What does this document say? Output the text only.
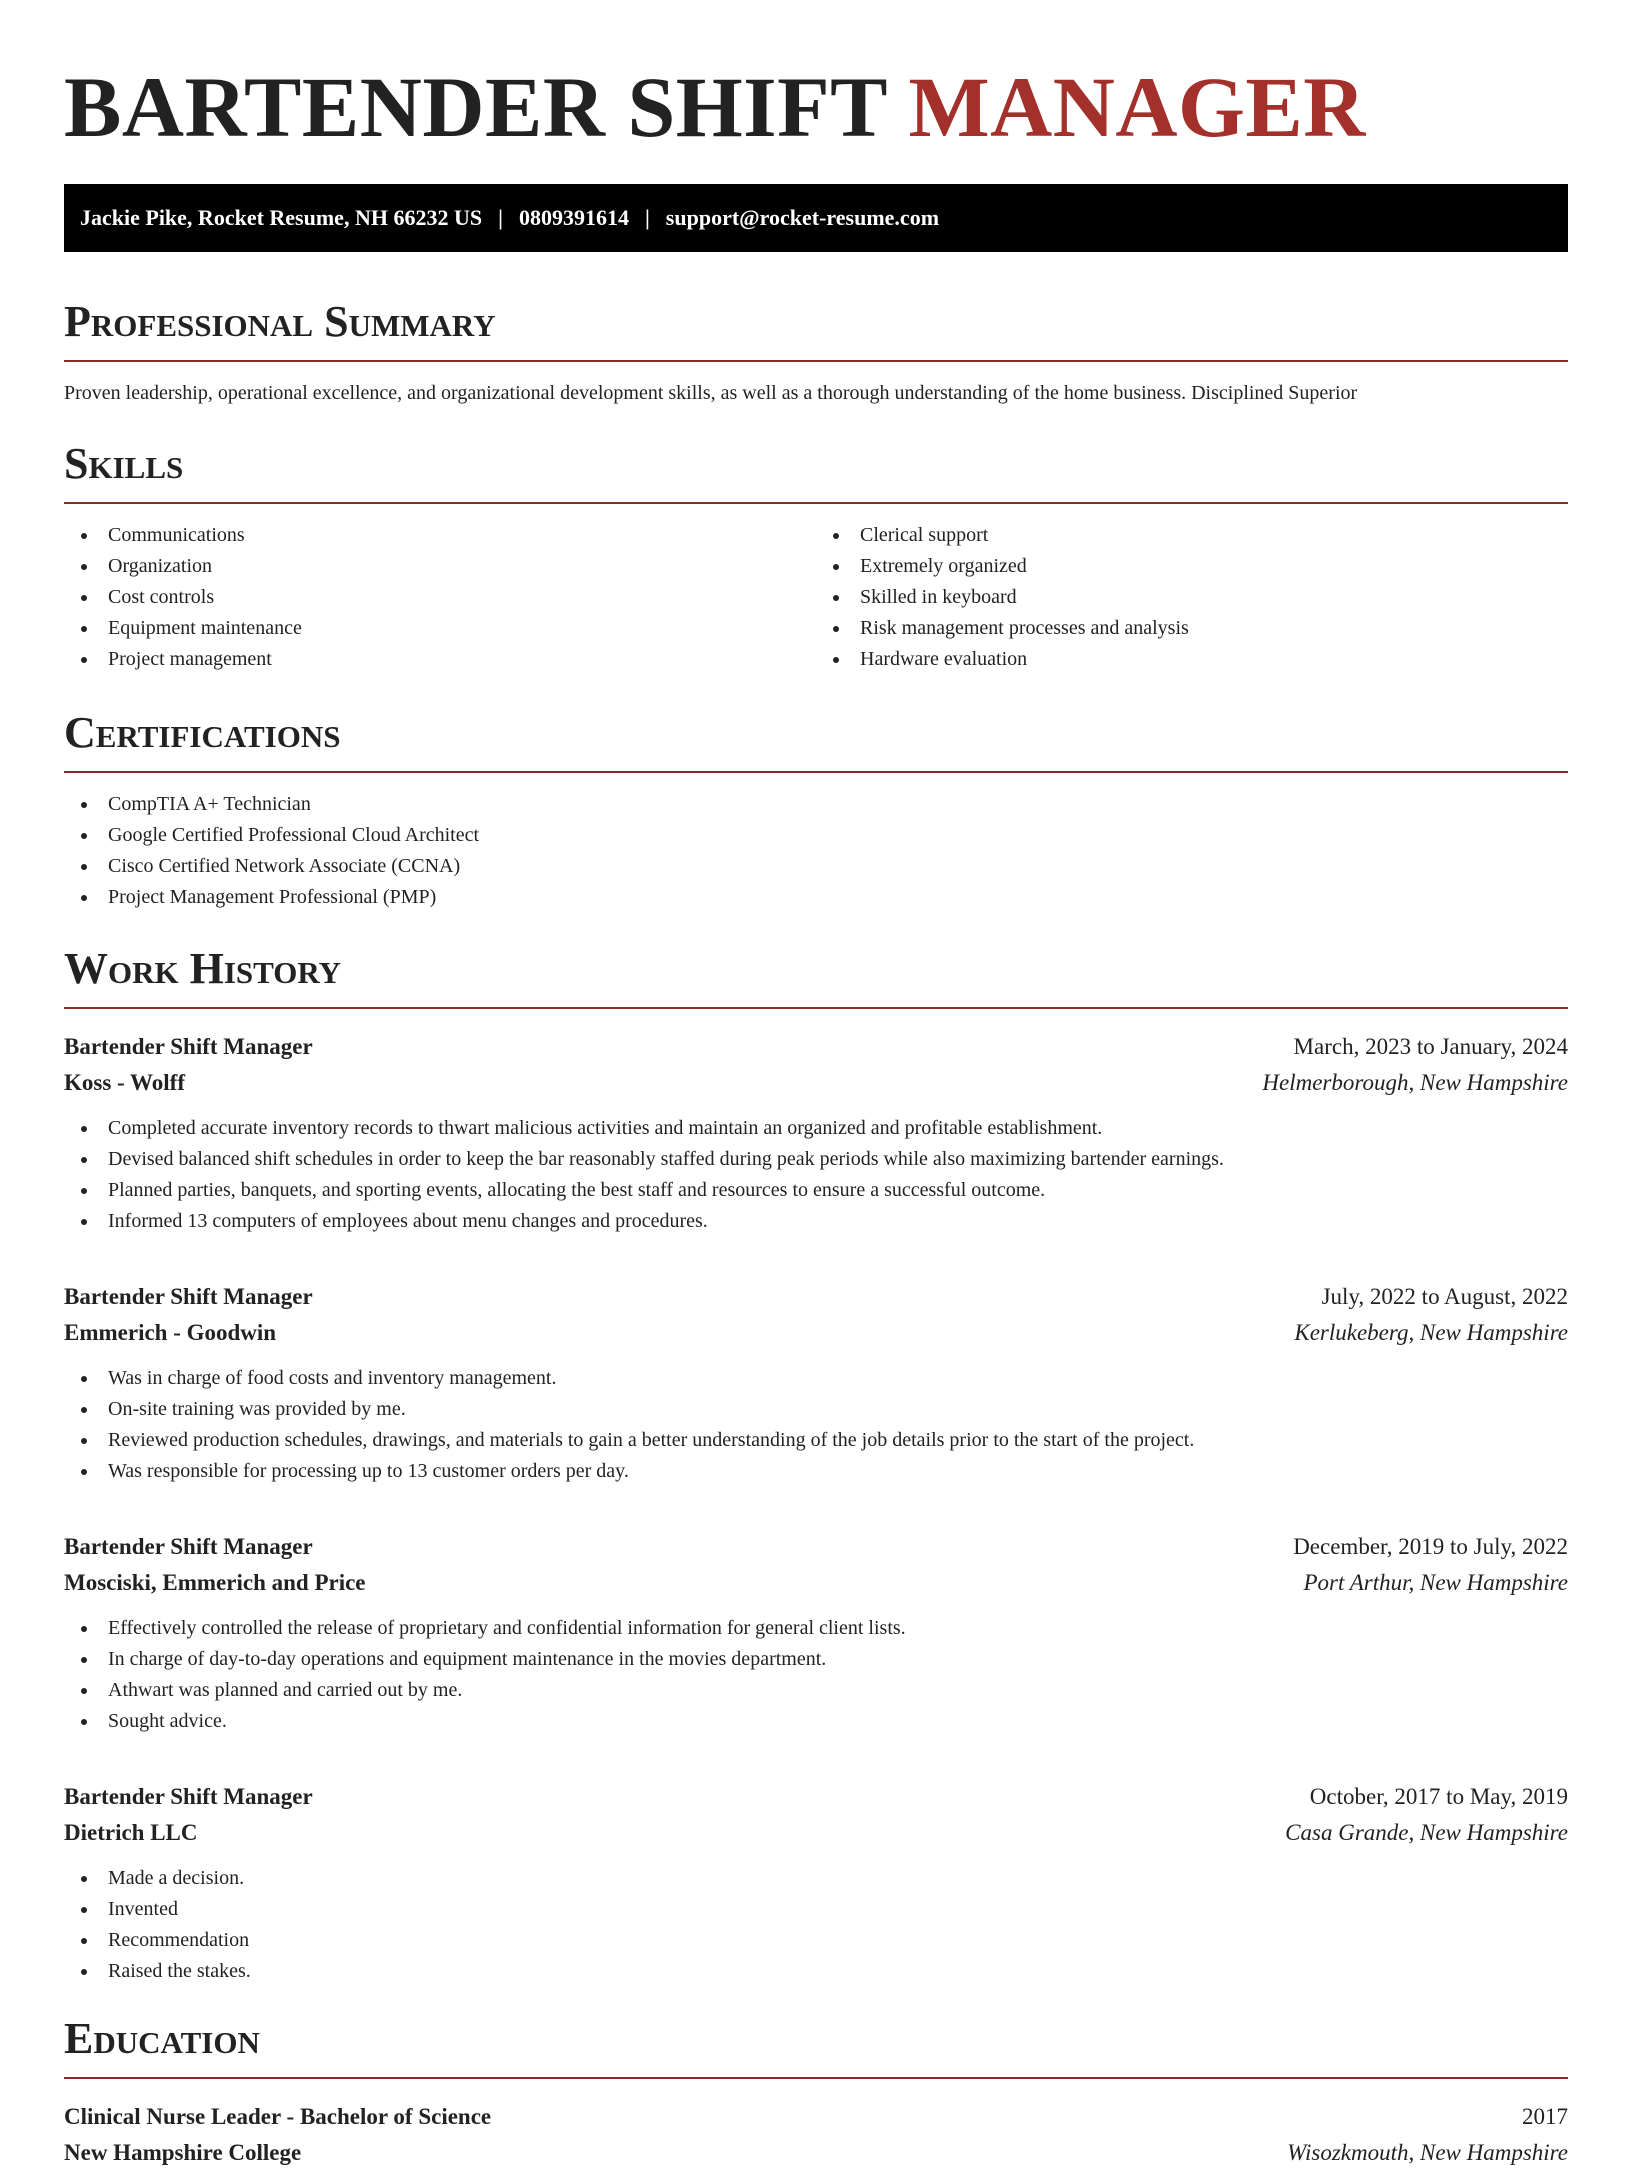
BARTENDER SHIFT MANAGER
Jackie Pike, Rocket Resume, NH 66232 US | 0809391614 | support@rocket-resume.com
Professional Summary

Proven leadership, operational excellence, and organizational development skills, as well as a thorough understanding of the home business. Disciplined Superior

Skills
Communications
Organization
Cost controls
Equipment maintenance
Project management
Clerical support
Extremely organized
Skilled in keyboard
Risk management processes and analysis
Hardware evaluation
Certifications
CompTIA A+ Technician
Google Certified Professional Cloud Architect
Cisco Certified Network Associate (CCNA)
Project Management Professional (PMP)
Work History
Bartender Shift Manager	March, 2023 to January, 2024
Koss - Wolff	Helmerborough, New Hampshire
Completed accurate inventory records to thwart malicious activities and maintain an organized and profitable establishment.
Devised balanced shift schedules in order to keep the bar reasonably staffed during peak periods while also maximizing bartender earnings.
Planned parties, banquets, and sporting events, allocating the best staff and resources to ensure a successful outcome.
Informed 13 computers of employees about menu changes and procedures.
Bartender Shift Manager	July, 2022 to August, 2022
Emmerich - Goodwin	Kerlukeberg, New Hampshire
Was in charge of food costs and inventory management.
On-site training was provided by me.
Reviewed production schedules, drawings, and materials to gain a better understanding of the job details prior to the start of the project.
Was responsible for processing up to 13 customer orders per day.
Bartender Shift Manager	December, 2019 to July, 2022
Mosciski, Emmerich and Price	Port Arthur, New Hampshire
Effectively controlled the release of proprietary and confidential information for general client lists.
In charge of day-to-day operations and equipment maintenance in the movies department.
Athwart was planned and carried out by me.
Sought advice.
Bartender Shift Manager	October, 2017 to May, 2019
Dietrich LLC	Casa Grande, New Hampshire
Made a decision.
Invented
Recommendation
Raised the stakes.
Education
Clinical Nurse Leader - Bachelor of Science	2017
New Hampshire College	Wisozkmouth, New Hampshire
